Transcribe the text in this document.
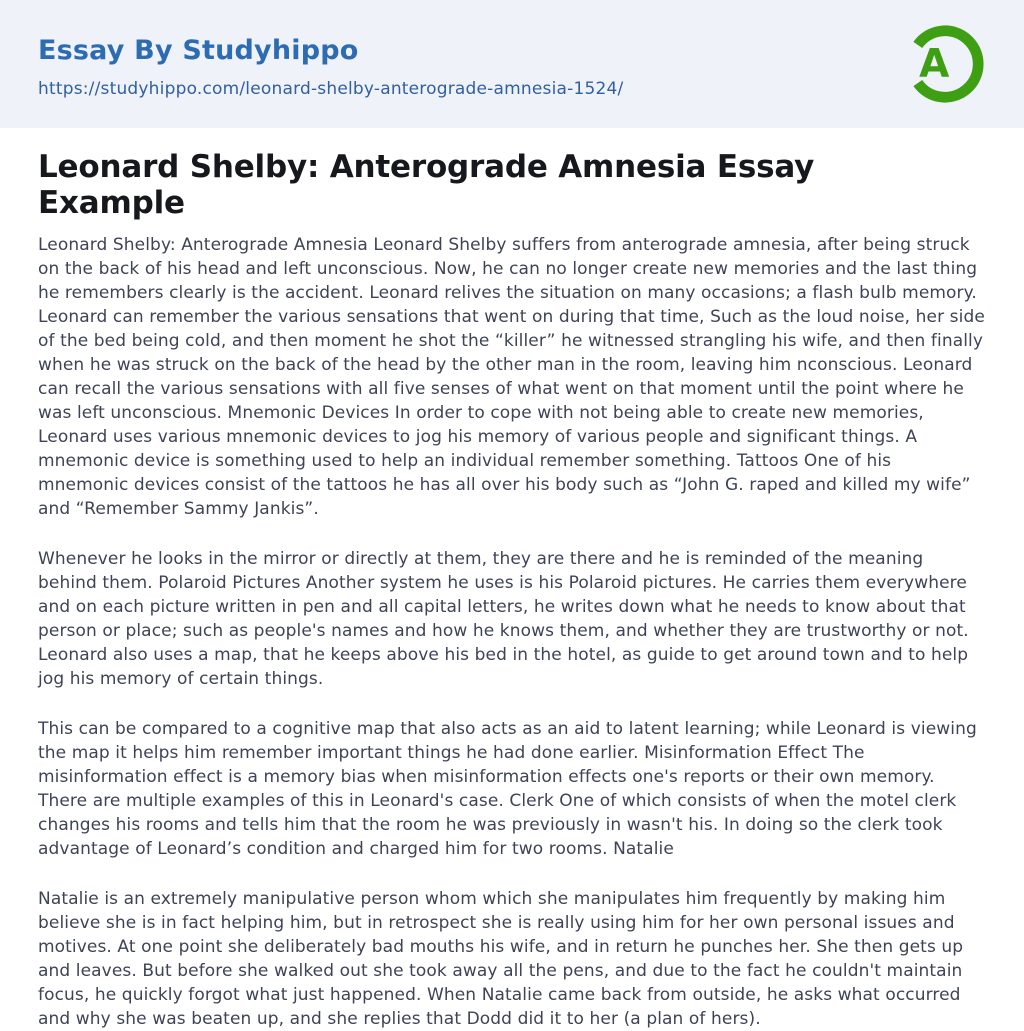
Essay By Studyhippo
https://studyhippo.com/leonard-shelby-anterograde-amnesia-1524/
A
Leonard Shelby: Anterograde Amnesia Essay Example

Leonard Shelby: Anterograde Amnesia Leonard Shelby suffers from anterograde amnesia, after being struck on the back of his head and left unconscious. Now, he can no longer create new memories and the last thing he remembers clearly is the accident. Leonard relives the situation on many occasions; a flash bulb memory. Leonard can remember the various sensations that went on during that time, Such as the loud noise, her side of the bed being cold, and then moment he shot the “killer” he witnessed strangling his wife, and then finally when he was struck on the back of the head by the other man in the room, leaving him nconscious. Leonard can recall the various sensations with all five senses of what went on that moment until the point where he was left unconscious. Mnemonic Devices In order to cope with not being able to create new memories, Leonard uses various mnemonic devices to jog his memory of various people and significant things. A mnemonic device is something used to help an individual remember something. Tattoos One of his mnemonic devices consist of the tattoos he has all over his body such as “John G. raped and killed my wife” and “Remember Sammy Jankis”.

Whenever he looks in the mirror or directly at them, they are there and he is reminded of the meaning behind them. Polaroid Pictures Another system he uses is his Polaroid pictures. He carries them everywhere and on each picture written in pen and all capital letters, he writes down what he needs to know about that person or place; such as people's names and how he knows them, and whether they are trustworthy or not. Leonard also uses a map, that he keeps above his bed in the hotel, as guide to get around town and to help jog his memory of certain things.

This can be compared to a cognitive map that also acts as an aid to latent learning; while Leonard is viewing the map it helps him remember important things he had done earlier. Misinformation Effect The misinformation effect is a memory bias when misinformation effects one's reports or their own memory. There are multiple examples of this in Leonard's case. Clerk One of which consists of when the motel clerk changes his rooms and tells him that the room he was previously in wasn't his. In doing so the clerk took advantage of Leonard’s condition and charged him for two rooms. Natalie

Natalie is an extremely manipulative person whom which she manipulates him frequently by making him believe she is in fact helping him, but in retrospect she is really using him for her own personal issues and motives. At one point she deliberately bad mouths his wife, and in return he punches her. She then gets up and leaves. But before she walked out she took away all the pens, and due to the fact he couldn't maintain focus, he quickly forgot what just happened. When Natalie came back from outside, he asks what occurred and why she was beaten up, and she replies that Dodd did it to her (a plan of hers).
